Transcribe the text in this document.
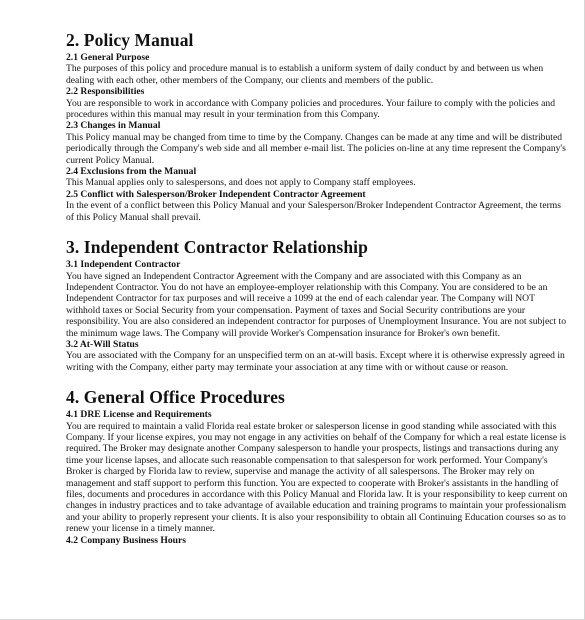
2. Policy Manual
2.1 General Purpose
The purposes of this policy and procedure manual is to establish a uniform system of daily conduct by and between us when dealing with each other, other members of the Company, our clients and members of the public.
2.2 Responsibilities
You are responsible to work in accordance with Company policies and procedures. Your failure to comply with the policies and procedures within this manual may result in your termination from this Company.
2.3 Changes in Manual
This Policy manual may be changed from time to time by the Company. Changes can be made at any time and will be distributed periodically through the Company's web side and all member e-mail list. The policies on-line at any time represent the Company's current Policy Manual.
2.4 Exclusions from the Manual
This Manual applies only to salespersons, and does not apply to Company staff employees.
2.5 Conflict with Salesperson/Broker Independent Contractor Agreement
In the event of a conflict between this Policy Manual and your Salesperson/Broker Independent Contractor Agreement, the terms of this Policy Manual shall prevail.
3. Independent Contractor Relationship
3.1 Independent Contractor
You have signed an Independent Contractor Agreement with the Company and are associated with this Company as an Independent Contractor. You do not have an employee-employer relationship with this Company. You are considered to be an Independent Contractor for tax purposes and will receive a 1099 at the end of each calendar year. The Company will NOT withhold taxes or Social Security from your compensation. Payment of taxes and Social Security contributions are your responsibility. You are also considered an independent contractor for purposes of Unemployment Insurance. You are not subject to the minimum wage laws. The Company will provide Worker's Compensation insurance for Broker's own benefit.
3.2 At-Will Status
You are associated with the Company for an unspecified term on an at-will basis. Except where it is otherwise expressly agreed in writing with the Company, either party may terminate your association at any time with or without cause or reason.
4. General Office Procedures
4.1 DRE License and Requirements
You are required to maintain a valid Florida real estate broker or salesperson license in good standing while associated with this Company. If your license expires, you may not engage in any activities on behalf of the Company for which a real estate license is required. The Broker may designate another Company salesperson to handle your prospects, listings and transactions during any time your license lapses, and allocate such reasonable compensation to that salesperson for work performed. Your Company's Broker is charged by Florida law to review, supervise and manage the activity of all salespersons. The Broker may rely on management and staff support to perform this function. You are expected to cooperate with Broker's assistants in the handling of files, documents and procedures in accordance with this Policy Manual and Florida law. It is your responsibility to keep current on changes in industry practices and to take advantage of available education and training programs to maintain your professionalism and your ability to properly represent your clients. It is also your responsibility to obtain all Continuing Education courses so as to renew your license in a timely manner.
4.2 Company Business Hours
